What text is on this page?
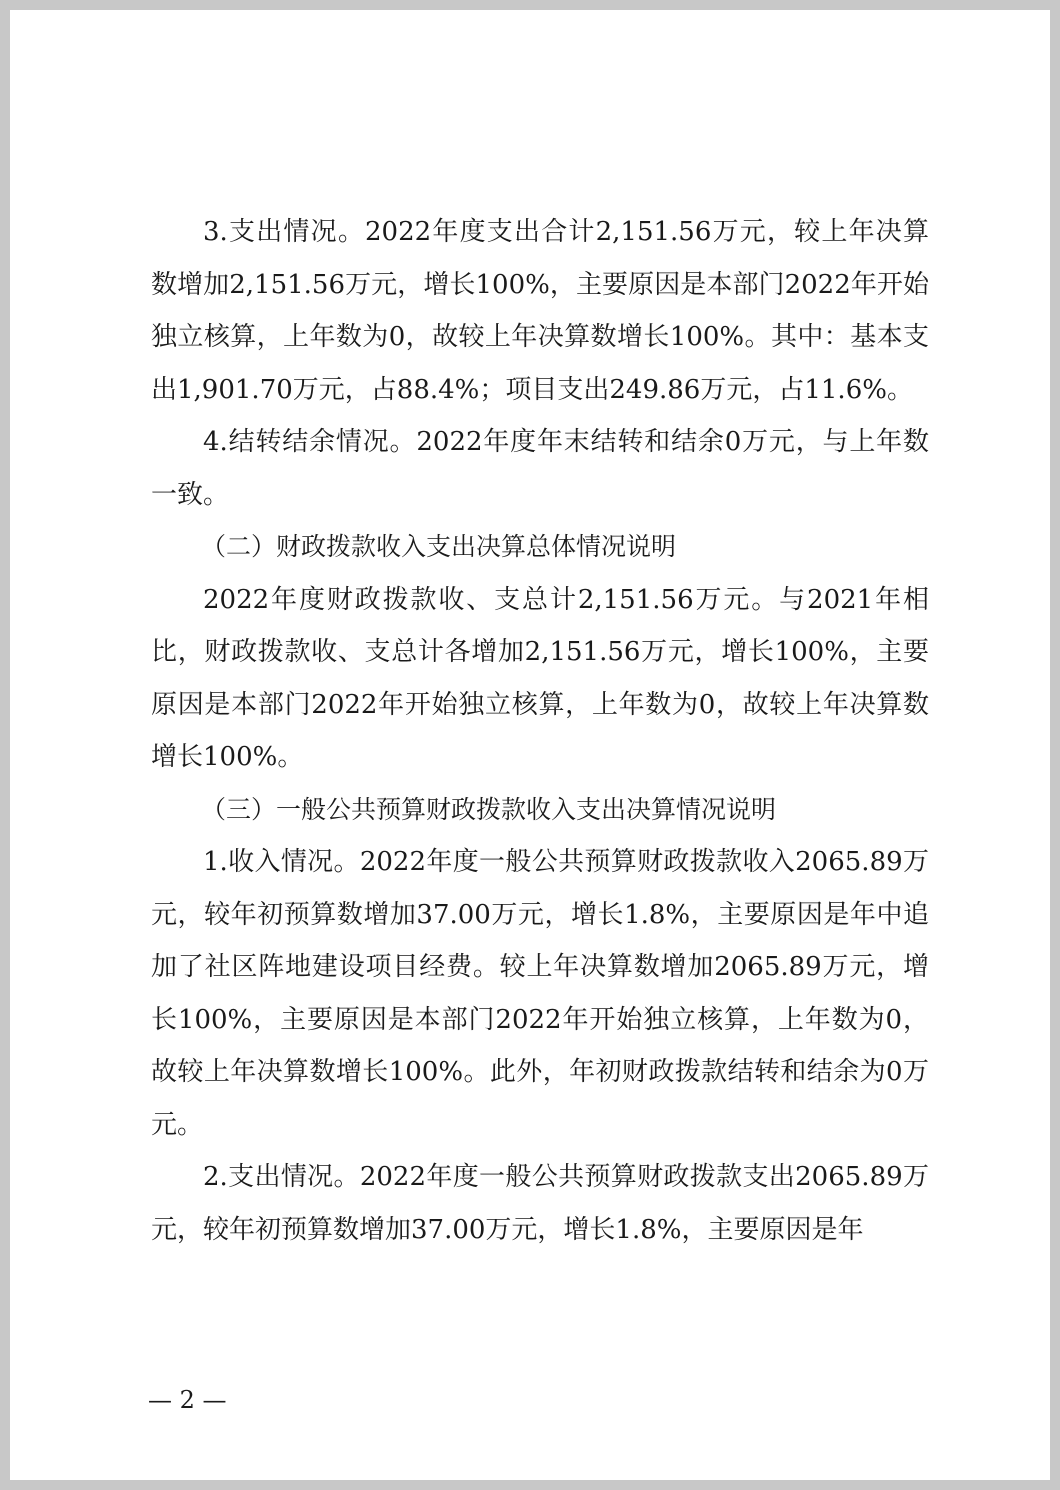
3.支出情况。2022年度支出合计2,151.56万元，较上年决算数增加2,151.56万元，增长100%，主要原因是本部门2022年开始独立核算，上年数为0，故较上年决算数增长100%。其中：基本支出1,901.70万元，占88.4%；项目支出249.86万元，占11.6%。

4.结转结余情况。2022年度年末结转和结余0万元，与上年数一致。

（二）财政拨款收入支出决算总体情况说明

2022年度财政拨款收、支总计2,151.56万元。与2021年相比，财政拨款收、支总计各增加2,151.56万元，增长100%，主要原因是本部门2022年开始独立核算，上年数为0，故较上年决算数增长100%。

（三）一般公共预算财政拨款收入支出决算情况说明

1.收入情况。2022年度一般公共预算财政拨款收入2065.89万元，较年初预算数增加37.00万元，增长1.8%，主要原因是年中追加了社区阵地建设项目经费。较上年决算数增加2065.89万元，增长100%，主要原因是本部门2022年开始独立核算，上年数为0，故较上年决算数增长100%。此外，年初财政拨款结转和结余为0万元。

2.支出情况。2022年度一般公共预算财政拨款支出2065.89万元，较年初预算数增加37.00万元，增长1.8%，主要原因是年

— 2 —
